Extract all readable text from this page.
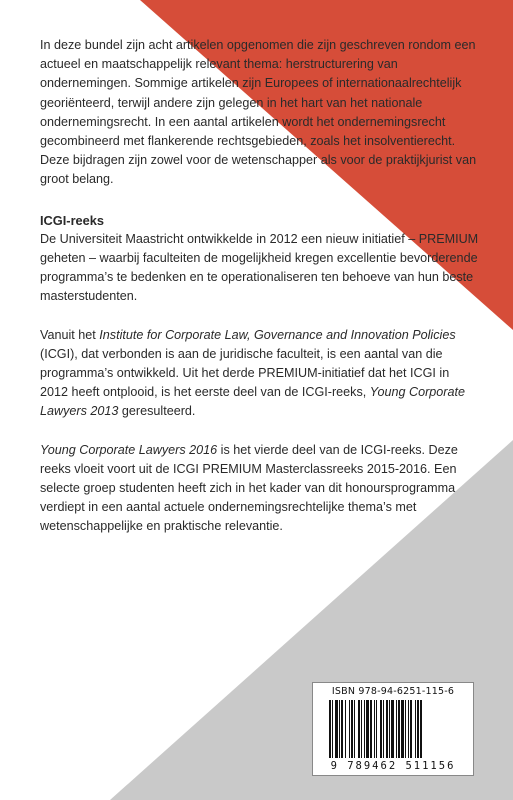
In deze bundel zijn acht artikelen opgenomen die zijn geschreven rondom een actueel en maatschappelijk relevant thema: herstructurering van ondernemingen. Sommige artikelen zijn Europees of internationaalrechtelijk georiënteerd, terwijl andere zijn gelegen in het hart van het nationale ondernemingsrecht. In een aantal artikelen wordt het ondernemingsrecht gecombineerd met flankerende rechtsgebieden, zoals het insolventierecht. Deze bijdragen zijn zowel voor de wetenschapper als voor de praktijkjurist van groot belang.

ICGI-reeks

De Universiteit Maastricht ontwikkelde in 2012 een nieuw initiatief – PREMIUM geheten – waarbij faculteiten de mogelijkheid kregen excellentie bevorderende programma’s te bedenken en te operationaliseren ten behoeve van hun beste masterstudenten.

Vanuit het Institute for Corporate Law, Governance and Innovation Policies (ICGI), dat verbonden is aan de juridische faculteit, is een aantal van die programma’s ontwikkeld. Uit het derde PREMIUM-initiatief dat het ICGI in 2012 heeft ontplooid, is het eerste deel van de ICGI-reeks, Young Corporate Lawyers 2013 geresulteerd.

Young Corporate Lawyers 2016 is het vierde deel van de ICGI-reeks. Deze reeks vloeit voort uit de ICGI PREMIUM Masterclassreeks 2015-2016. Een selecte groep studenten heeft zich in het kader van dit honoursprogramma verdiept in een aantal actuele ondernemingsrechtelijke thema’s met wetenschappelijke en praktische relevantie.

ISBN 978-94-6251-115-6
9 789462 511156
